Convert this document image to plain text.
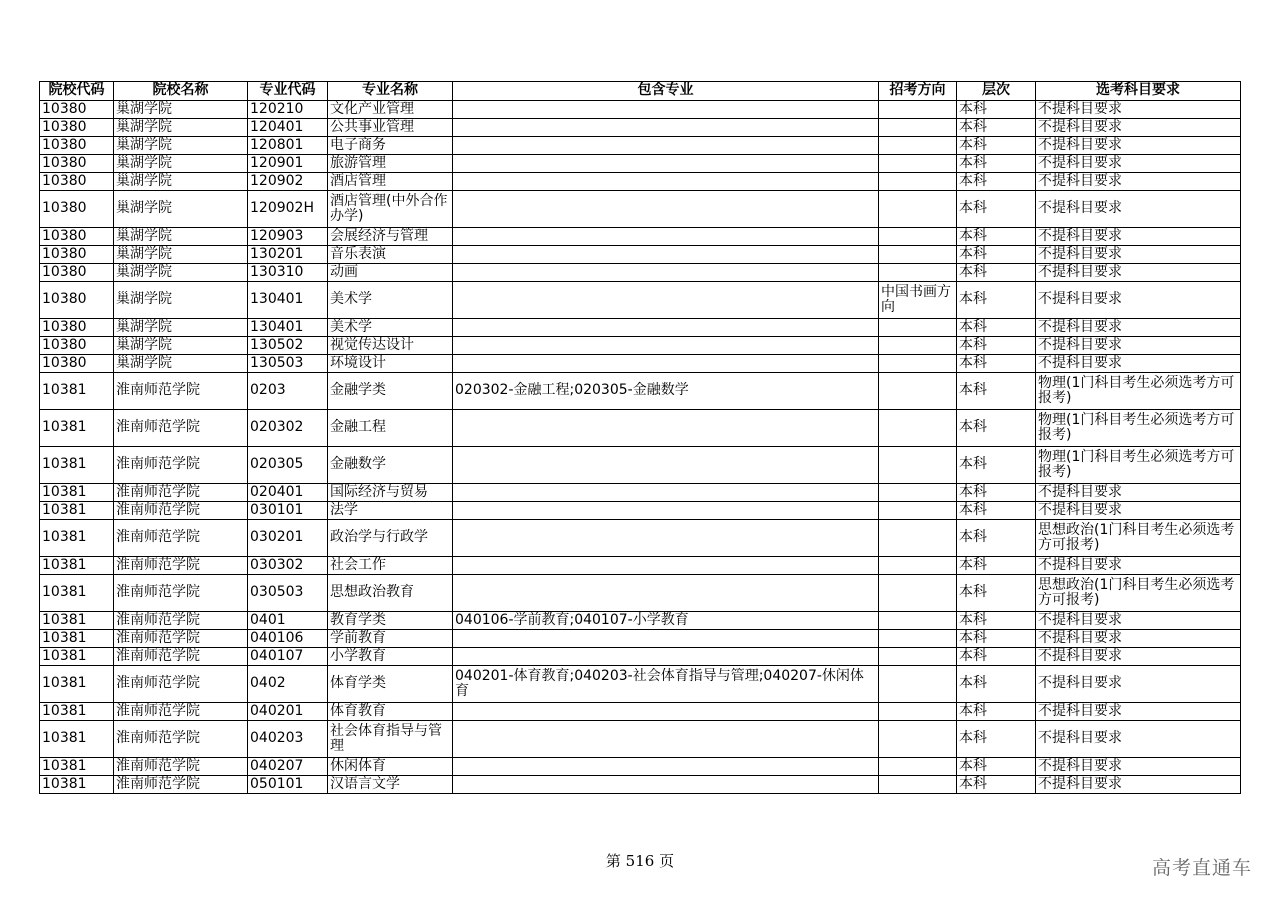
院校代码	院校名称	专业代码	专业名称	包含专业	招考方向	层次	选考科目要求
10380	巢湖学院	120210	文化产业管理			本科	不提科目要求
10380	巢湖学院	120401	公共事业管理			本科	不提科目要求
10380	巢湖学院	120801	电子商务			本科	不提科目要求
10380	巢湖学院	120901	旅游管理			本科	不提科目要求
10380	巢湖学院	120902	酒店管理			本科	不提科目要求
10380	巢湖学院	120902H	酒店管理(中外合作办学)			本科	不提科目要求
10380	巢湖学院	120903	会展经济与管理			本科	不提科目要求
10380	巢湖学院	130201	音乐表演			本科	不提科目要求
10380	巢湖学院	130310	动画			本科	不提科目要求
10380	巢湖学院	130401	美术学		中国书画方向	本科	不提科目要求
10380	巢湖学院	130401	美术学			本科	不提科目要求
10380	巢湖学院	130502	视觉传达设计			本科	不提科目要求
10380	巢湖学院	130503	环境设计			本科	不提科目要求
10381	淮南师范学院	0203	金融学类	020302-金融工程;020305-金融数学		本科	物理(1门科目考生必须选考方可报考)
10381	淮南师范学院	020302	金融工程			本科	物理(1门科目考生必须选考方可报考)
10381	淮南师范学院	020305	金融数学			本科	物理(1门科目考生必须选考方可报考)
10381	淮南师范学院	020401	国际经济与贸易			本科	不提科目要求
10381	淮南师范学院	030101	法学			本科	不提科目要求
10381	淮南师范学院	030201	政治学与行政学			本科	思想政治(1门科目考生必须选考方可报考)
10381	淮南师范学院	030302	社会工作			本科	不提科目要求
10381	淮南师范学院	030503	思想政治教育			本科	思想政治(1门科目考生必须选考方可报考)
10381	淮南师范学院	0401	教育学类	040106-学前教育;040107-小学教育		本科	不提科目要求
10381	淮南师范学院	040106	学前教育			本科	不提科目要求
10381	淮南师范学院	040107	小学教育			本科	不提科目要求
10381	淮南师范学院	0402	体育学类	040201-体育教育;040203-社会体育指导与管理;040207-休闲体育		本科	不提科目要求
10381	淮南师范学院	040201	体育教育			本科	不提科目要求
10381	淮南师范学院	040203	社会体育指导与管理			本科	不提科目要求
10381	淮南师范学院	040207	休闲体育			本科	不提科目要求
10381	淮南师范学院	050101	汉语言文学			本科	不提科目要求
第 516 页	高考直通车
